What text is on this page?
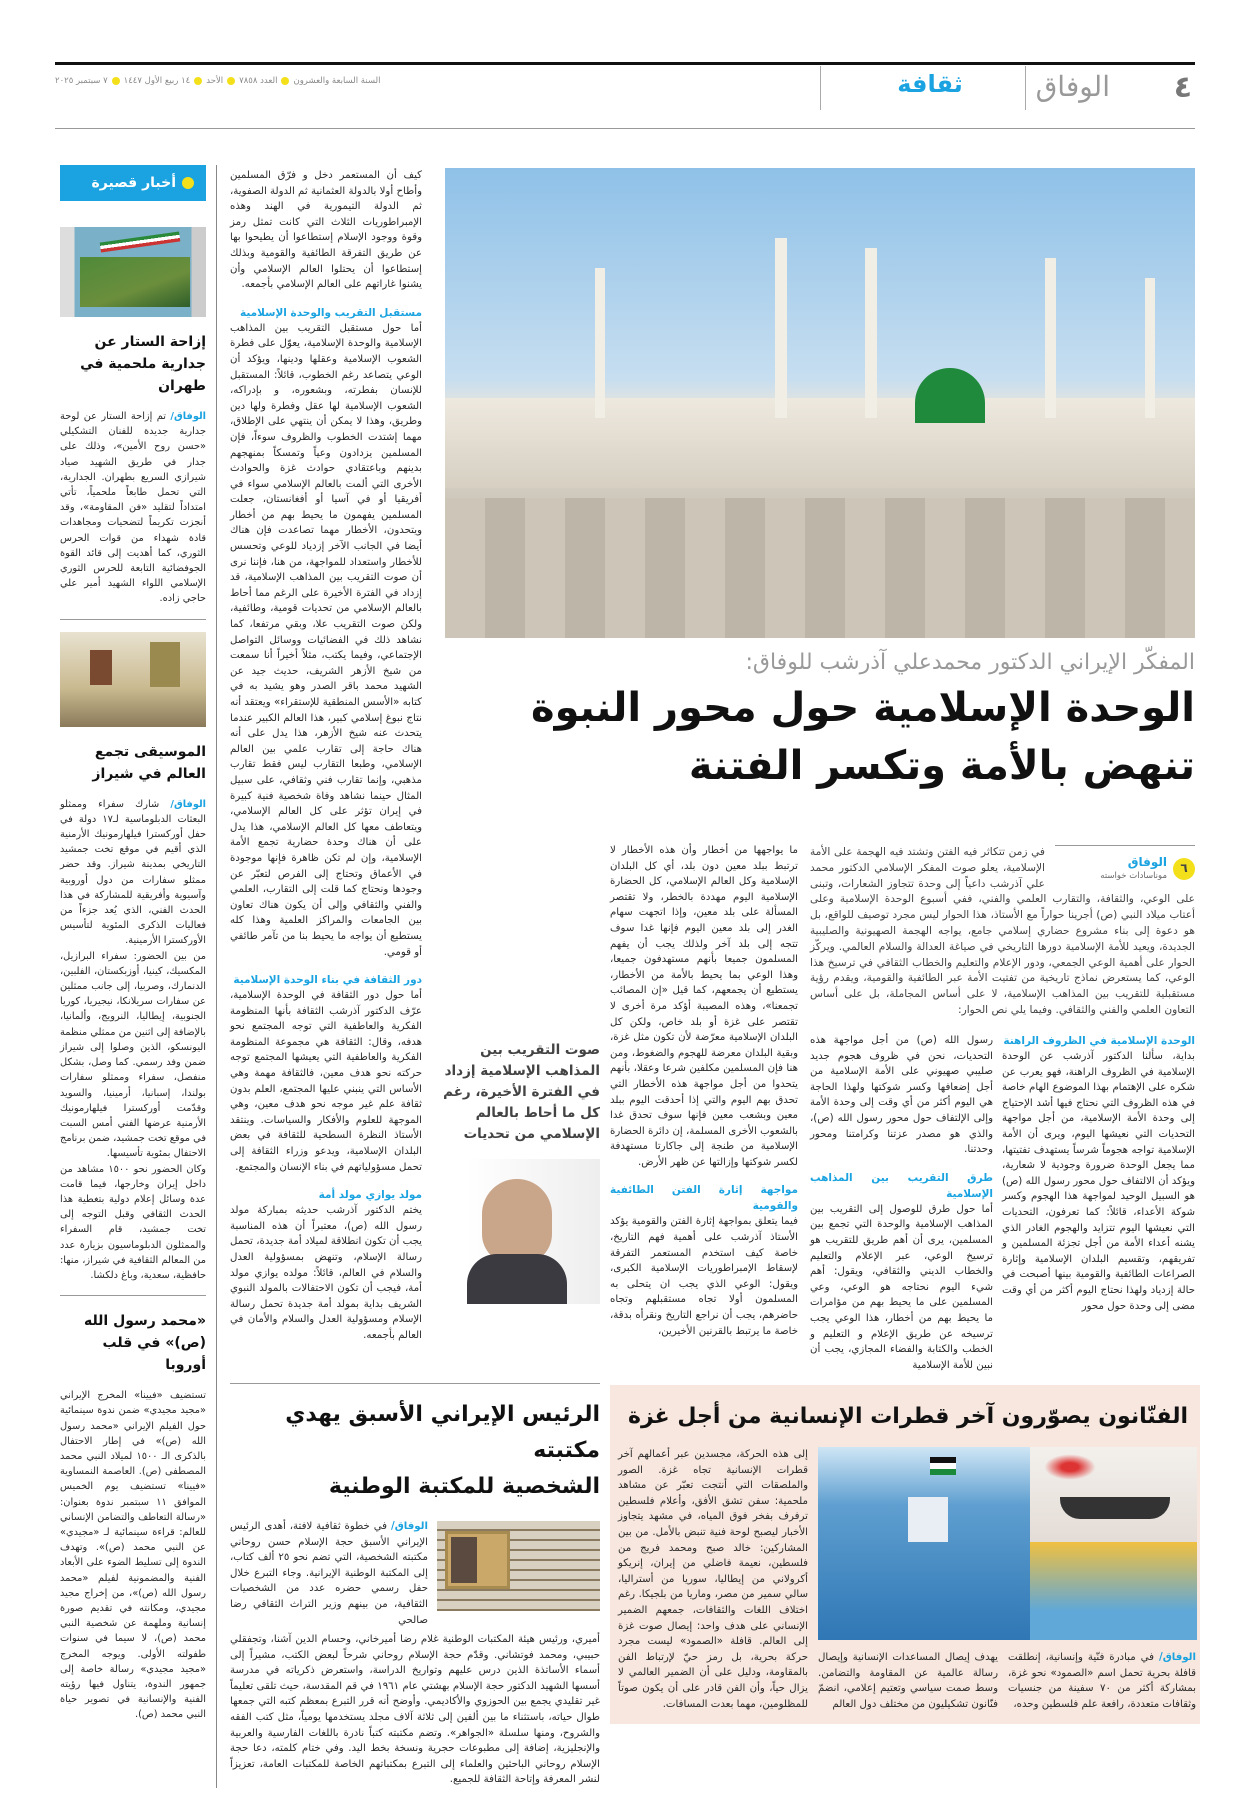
٤
الوفاق
ثقافة
السنة السابعة والعشرون
العدد ٧٨٥٨
الأحد
١٤ ربيع الأول ١٤٤٧
٧ سبتمبر ٢٠٢٥
أخبار قصيرة
إزاحة الستار عن جدارية ملحمية في طهران
الوفاق/ تم إزاحة الستار عن لوحة جدارية جديدة للفنان التشكيلي «حسن روح الأمين»، وذلك على جدار في طريق الشهيد صياد شيرازي السريع بطهران. الجدارية، التي تحمل طابعاً ملحمياً، تأتي امتداداً لتقليد «فن المقاومة»، وقد أنجزت تكريماً لتضحيات ومجاهدات قادة شهداء من قوات الحرس الثوري، كما أهديت إلى قائد القوة الجوفضائية التابعة للحرس الثوري الإسلامي اللواء الشهيد أمير علي حاجي زاده.
الموسيقى تجمع العالم في شيراز

الوفاق/ شارك سفراء وممثلو البعثات الدبلوماسية لـ١٧ دولة في حفل أوركسترا فيلهارمونيك الأرمنية الذي أقيم في موقع تخت جمشيد التاريخي بمدينة شيراز. وقد حضر ممثلو سفارات من دول أوروبية وآسيوية وأفريقية للمشاركة في هذا الحدث الفني، الذي يُعد جزءاً من فعاليات الذكرى المئوية لتأسيس الأوركسترا الأرمينية.

من بين الحضور: سفراء البرازيل، المكسيك، كينيا، أوزبكستان، الفلبين، الدنمارك، وصربيا، إلى جانب ممثلين عن سفارات سريلانكا، نيجيريا، كوريا الجنوبية، إيطاليا، النرويج، وألمانيا، بالإضافة إلى اثنين من ممثلي منظمة اليونسكو، الذين وصلوا إلى شيراز ضمن وفد رسمي. كما وصل، بشكل منفصل، سفراء وممثلو سفارات بولندا، إسبانيا، أرمينيا، والسويد وقدّمت أوركسترا فيلهارمونيك الأرمنية عرضها الفني أمس السبت في موقع تخت جمشيد، ضمن برنامج الاحتفال بمئوية تأسيسها.

وكان الحضور نحو ١٥٠٠ مشاهد من داخل إيران وخارجها، فيما قامت عدة وسائل إعلام دولية بتغطية هذا الحدث الثقافي وقبل التوجه إلى تخت جمشيد، قام السفراء والممثلون الدبلوماسيون بزيارة عدد من المعالم الثقافية في شيراز، منها: حافظية، سعدية، وباغ دلكشا.

«محمد رسول الله (ص)» في قلب أوروبا
تستضيف «فيينا» المخرج الإيراني «مجيد مجيدي» ضمن ندوة سينمائية حول الفيلم الإيراني «محمد رسول الله (ص)» في إطار الاحتفال بالذكرى الـ ١٥٠٠ لميلاد النبي محمد المصطفى (ص). العاصمة النمساوية «فيينا» تستضيف يوم الخميس الموافق ١١ سبتمبر ندوة بعنوان: «رسالة التعاطف والتضامن الإنساني للعالم: قراءة سينمائية لـ «مجيدي» عن النبي محمد (ص)». وتهدف الندوة إلى تسليط الضوء على الأبعاد الفنية والمضمونية لفيلم «محمد رسول الله (ص)»، من إخراج مجيد مجيدي، ومكانته في تقديم صورة إنسانية وملهمة عن شخصية النبي محمد (ص)، لا سيما في سنوات طفولته الأولى. ويوجه المخرج «مجيد مجيدي» رسالة خاصة إلى جمهور الندوة، يتناول فيها رؤيته الفنية والإنسانية في تصوير حياة النبي محمد (ص).
المفكّر الإيراني الدكتور محمدعلي آذرشب للوفاق:
الوحدة الإسلامية حول محور النبوة
تنهض بالأمة وتكسر الفتنة
٦
الوفاق
موناسادات خواسته
في زمن تتكاثر فيه الفتن وتشتد فيه الهجمة على الأمة الإسلامية، يعلو صوت المفكر الإسلامي الدكتور محمد علي آذرشب داعياً إلى وحدة تتجاوز الشعارات، وتبنى على الوعي، والثقافة، والتقارب العلمي والفني، ففي أسبوع الوحدة الإسلامية وعلى أعتاب ميلاد النبي (ص) أجرينا حواراً مع الأستاذ، هذا الحوار ليس مجرد توصيف للواقع، بل هو دعوة إلى بناء مشروع حضاري إسلامي جامع، يواجه الهجمة الصهيونية والصليبية الجديدة، ويعيد للأمة الإسلامية دورها التاريخي في صياغة العدالة والسلام العالمي. ويركّز الحوار على أهمية الوعي الجمعي، ودور الإعلام والتعليم والخطاب الثقافي في ترسيخ هذا الوعي، كما يستعرض نماذج تاريخية من تفتيت الأمة عبر الطائفية والقومية، ويقدم رؤية مستقبلية للتقريب بين المذاهب الإسلامية، لا على أساس المجاملة، بل على أساس التعاون العلمي والفني والثقافي. وفيما يلي نص الحوار:
الوحدة الإسلامية في الظروف الراهنة

بداية، سألنا الدكتور آذرشب عن الوحدة الإسلامية في الظروف الراهنة، فهو يعرب عن شكره على الإهتمام بهذا الموضوع الهام خاصة في هذه الظروف التي نحتاج فيها أشد الإحتياج إلى وحدة الأمة الإسلامية، من أجل مواجهة التحديات التي نعيشها اليوم، ويرى أن الأمة الإسلامية تواجه هجوماً شرساً يستهدف تفتيتها، مما يجعل الوحدة ضرورة وجودية لا شعارية، ويؤكد أن الالتفاف حول محور رسول الله (ص) هو السبيل الوحيد لمواجهة هذا الهجوم وكسر شوكة الأعداء، قائلاً: كما تعرفون، التحديات التي نعيشها اليوم تتزايد والهجوم الغادر الذي يشنه أعداء الأمة من أجل تجزئة المسلمين و تفريقهم، وتقسيم البلدان الإسلامية وإثارة الصراعات الطائفية والقومية بينها أصبحت في حالة إزدياد ولهذا نحتاج اليوم أكثر من أي وقت مضى إلى وحدة حول محور

رسول الله (ص) من أجل مواجهة هذه التحديات، نحن في ظروف هجوم جديد صليبي صهيوني على الأمة الإسلامية من أجل إضعافها وكسر شوكتها ولهذا الحاجة هي اليوم أكثر من أي وقت إلى وحدة الأمة وإلى الإلتفاف حول محور رسول الله (ص)، والذي هو مصدر عزتنا وكرامتنا ومحور وحدتنا.

طرق التقريب بين المذاهب الإسلامية

أما حول طرق للوصول إلى التقريب بين المذاهب الإسلامية والوحدة التي تجمع بين المسلمين، يرى أن أهم طريق للتقريب هو ترسيخ الوعي، عبر الإعلام والتعليم والخطاب الديني والثقافي، ويقول: أهم شيء اليوم نحتاجه هو الوعي، وعي المسلمين على ما يحيط بهم من مؤامرات ما يحيط بهم من أخطار، هذا الوعي يجب ترسيخه عن طريق الإعلام و التعليم و الخطب والكتابة والفضاء المجازي، يجب أن نبين للأمة الإسلامية

ما يواجهها من أخطار وأن هذه الأخطار لا ترتبط ببلد معين دون بلد، أي كل البلدان الإسلامية وكل العالم الإسلامي، كل الحضارة الإسلامية اليوم مهددة بالخطر، ولا تقتصر المسألة على بلد معين، وإذا اتجهت سهام الغدر إلى بلد معين اليوم فإنها غدا سوف تتجه إلى بلد آخر ولذلك يجب أن يفهم المسلمون جميعا بأنهم مستهدفون جميعا، وهذا الوعي بما يحيط بالأمة من الأخطار، يستطيع أن يجمعهم، كما قيل «إن المصائب تجمعنا»، وهذه المصيبة أؤكد مرة أخرى لا تقتصر على غزة أو بلد خاص، ولكن كل البلدان الإسلامية معرّضة لأن تكون مثل غزة، وبقية البلدان معرضة للهجوم والضغوط، ومن هنا فإن المسلمين مكلفين شرعا وعقلا، بأنهم يتحدوا من أجل مواجهة هذه الأخطار التي تحدق بهم اليوم والتي إذا أحدقت اليوم ببلد معين وبشعب معين فإنها سوف تحدق غدا بالشعوب الأخرى المسلمة، إن دائرة الحضارة الإسلامية من طنجة إلى جاكارتا مستهدفة لكسر شوكتها وإزالتها عن ظهر الأرض.

مواجهة إثارة الفتن الطائفية والقومية

فيما يتعلق بمواجهة إثارة الفتن والقومية يؤكد الأستاذ آذرشب على أهمية فهم التاريخ، خاصة كيف استخدم المستعمر التفرقة لإسقاط الإمبراطوريات الإسلامية الكبرى، ويقول: الوعي الذي يجب ان يتحلى به المسلمون أولا تجاه مستقبلهم وتجاه حاضرهم، يجب أن نراجع التاريخ ونقرأه بدقة، خاصة ما يرتبط بالقرنين الأخيرين،

صوت التقريب بين المذاهب الإسلامية إزداد في الفترة الأخيرة، رغم كل ما أحاط بالعالم الإسلامي من تحديات

كيف أن المستعمر دخل و فرّق المسلمين وأطاح أولا بالدولة العثمانية ثم الدولة الصفوية، ثم الدولة التيمورية في الهند وهذه الإمبراطوريات الثلاث التي كانت تمثل رمز وقوة ووجود الإسلام إستطاعوا أن يطيحوا بها عن طريق التفرقة الطائفية والقومية وبذلك إستطاعوا أن يحتلوا العالم الإسلامي وأن يشنوا غاراتهم على العالم الإسلامي بأجمعه.

مستقبل التقريب والوحدة الإسلامية

أما حول مستقبل التقريب بين المذاهب الإسلامية والوحدة الإسلامية، يعوّل على فطرة الشعوب الإسلامية وعقلها ودينها، ويؤكد أن الوعي يتصاعد رغم الخطوب، قائلاً: المستقبل للإنسان بفطرته، وبشعوره، و بإدراكه، الشعوب الإسلامية لها عقل وفطرة ولها دين وطريق، وهذا لا يمكن أن ينتهي على الإطلاق، مهما إشتدت الخطوب والظروف سوءاً، فإن المسلمين يزدادون وعياً وتمسكاً بمنهجهم بدينهم وباعتقادي حوادث غزة والحوادث الأخرى التي ألمت بالعالم الإسلامي سواء في أفريقيا أو في آسيا أو أفغانستان، جعلت المسلمين يفهمون ما يحيط بهم من أخطار ويتحدون، الأخطار مهما تصاعدت فإن هناك أيضا في الجانب الآخر إزدياد للوعي وتحسس للأخطار واستعداد للمواجهة، من هنا، فإننا نرى أن صوت التقريب بين المذاهب الإسلامية، قد إزداد في الفترة الأخيرة على الرغم مما أحاط بالعالم الإسلامي من تحديات قومية، وطائفية، ولكن صوت التقريب علا، وبقي مرتفعا، كما نشاهد ذلك في الفضائيات ووسائل التواصل الإجتماعي، وفيما يكتب، مثلاً أخيراً أنا سمعت من شيخ الأزهر الشريف، حديث جيد عن الشهيد محمد باقر الصدر وهو يشيد به في كتابه «الأسس المنطقية للإستقراء» ويعتقد أنه نتاج نبوغ إسلامي كبير، هذا العالم الكبير عندما يتحدث عنه شيخ الأزهر، هذا يدل على أنه هناك حاجة إلى تقارب علمي بين العالم الإسلامي، وطبعا التقارب ليس فقط تقارب مذهبي، وإنما تقارب فني وثقافي، على سبيل المثال حينما نشاهد وفاة شخصية فنية كبيرة في إيران تؤثر على كل العالم الإسلامي، ويتعاطف معها كل العالم الإسلامي، هذا يدل على أن هناك وحدة حضارية تجمع الأمة الإسلامية، وإن لم تكن ظاهرة فإنها موجودة في الأعماق وتحتاج إلى الفرص لتعبّر عن وجودها ونحتاج كما قلت إلى التقارب، العلمي والفني والثقافي وإلى أن يكون هناك تعاون بين الجامعات والمراكز العلمية وهذا كله يستطيع أن يواجه ما يحيط بنا من تآمر طائفي أو قومي.

دور الثقافة في بناء الوحدة الإسلامية

أما حول دور الثقافة في الوحدة الإسلامية، عرّف الدكتور آذرشب الثقافة بأنها المنظومة الفكرية والعاطفية التي توجه المجتمع نحو هدفه، وقال: الثقافة هي مجموعة المنظومة الفكرية والعاطفية التي يعيشها المجتمع توجه حركته نحو هدف معين، فالثقافة مهمة وهي الأساس التي ينبني عليها المجتمع، العلم بدون ثقافة علم غير موجه نحو هدف معين، وهي الموجهة للعلوم والأفكار والسياسات. وينتقد الأستاذ النظرة السطحية للثقافة في بعض البلدان الإسلامية، ويدعو وزراء الثقافة إلى تحمل مسؤولياتهم في بناء الإنسان والمجتمع.

مولد يوازي مولد أمة

يختم الدكتور آذرشب حديثه بمباركة مولد رسول الله (ص)، معتبراً أن هذه المناسبة يجب أن تكون انطلاقة لميلاد أمة جديدة، تحمل رسالة الإسلام، وتنهض بمسؤولية العدل والسلام في العالم، قائلاً: مولده يوازي مولد أمة، فيجب أن تكون الاحتفالات بالمولد النبوي الشريف بداية بمولد أمة جديدة تحمل رسالة الإسلام ومسؤولية العدل والسلام والأمان في العالم بأجمعه.

الفنّانون يصوّرون آخر قطرات الإنسانية من أجل غزة
إلى هذه الحركة، مجسدين عبر أعمالهم آخر قطرات الإنسانية تجاه غزة. الصور والملصقات التي أنتجت تعبّر عن مشاهد ملحمية: سفن تشق الأفق، وأعلام فلسطين ترفرف بفخر فوق المياه، في مشهد يتجاوز الأخبار ليصبح لوحة فنية تنبض بالأمل. من بين المشاركين: خالد صبح ومحمد فريج من فلسطين، نعيمة فاضلي من إيران، إنريكو أكرولاني من إيطاليا، سوريا من أستراليا، سالي سمير من مصر، وماريا من بلجيكا. رغم اختلاف اللغات والثقافات، جمعهم الضمير الإنساني على هدف واحد: إيصال صوت غزة إلى العالم. قافلة «الصمود» ليست مجرد حركة بحرية، بل رمز حيّ لإرتباط الفن بالمقاومة، ودليل على أن الضمير العالمي لا يزال حياً، وأن الفن قادر على أن يكون صوتاً للمظلومين، مهما بعدت المسافات.
الوفاق/ في مبادرة فنّية وإنسانية، إنطلقت قافلة بحرية تحمل اسم «الصمود» نحو غزة، بمشاركة أكثر من ٧٠ سفينة من جنسيات وثقافات متعددة، رافعة علم فلسطين وحده،
يهدف إيصال المساعدات الإنسانية وإيصال رسالة عالمية عن المقاومة والتضامن. وسط صمت سياسي وتعتيم إعلامي، انضمّ فنّانون تشكيليون من مختلف دول العالم
الرئيس الإيراني الأسبق يهدي مكتبته
الشخصية للمكتبة الوطنية
الوفاق/ في خطوة ثقافية لافتة، أهدى الرئيس الإيراني الأسبق حجة الإسلام حسن روحاني مكتبته الشخصية، التي تضم نحو ٢٥ ألف كتاب، إلى المكتبة الوطنية الإيرانية. وجاء التبرع خلال حفل رسمي حضره عدد من الشخصيات الثقافية، من بينهم وزير التراث الثقافي رضا صالحي
أميري، ورئيس هيئة المكتبات الوطنية غلام رضا أميرخاني، وحسام الدين آشنا، وتجفقلي حبيبي، ومحمد فوتشاني. وقدّم حجة الإسلام روحاني شرحاً لبعض الكتب، مشيراً إلى أسماء الأساتذة الذين درس عليهم وتواريخ الدراسة، واستعرض ذكرياته في مدرسة أسسها الشهيد الدكتور حجة الإسلام بهشتي عام ١٩٦١ في قم المقدسة، حيث تلقى تعليماً غير تقليدي يجمع بين الحوزوي والأكاديمي. وأوضح أنه قرر التبرع بمعظم كتبه التي جمعها طوال حياته، باستثناء ما بين ألفين إلى ثلاثة آلاف مجلد يستخدمها يومياً، مثل كتب الفقه والشروح، ومنها سلسلة «الجواهر». وتضم مكتبته كتباً نادرة باللغات الفارسية والعربية والإنجليزية، إضافة إلى مطبوعات حجرية ونسخة بخط اليد. وفي ختام كلمته، دعا حجة الإسلام روحاني الباحثين والعلماء إلى التبرع بمكتباتهم الخاصة للمكتبات العامة، تعزيزاً لنشر المعرفة وإتاحة الثقافة للجميع.
